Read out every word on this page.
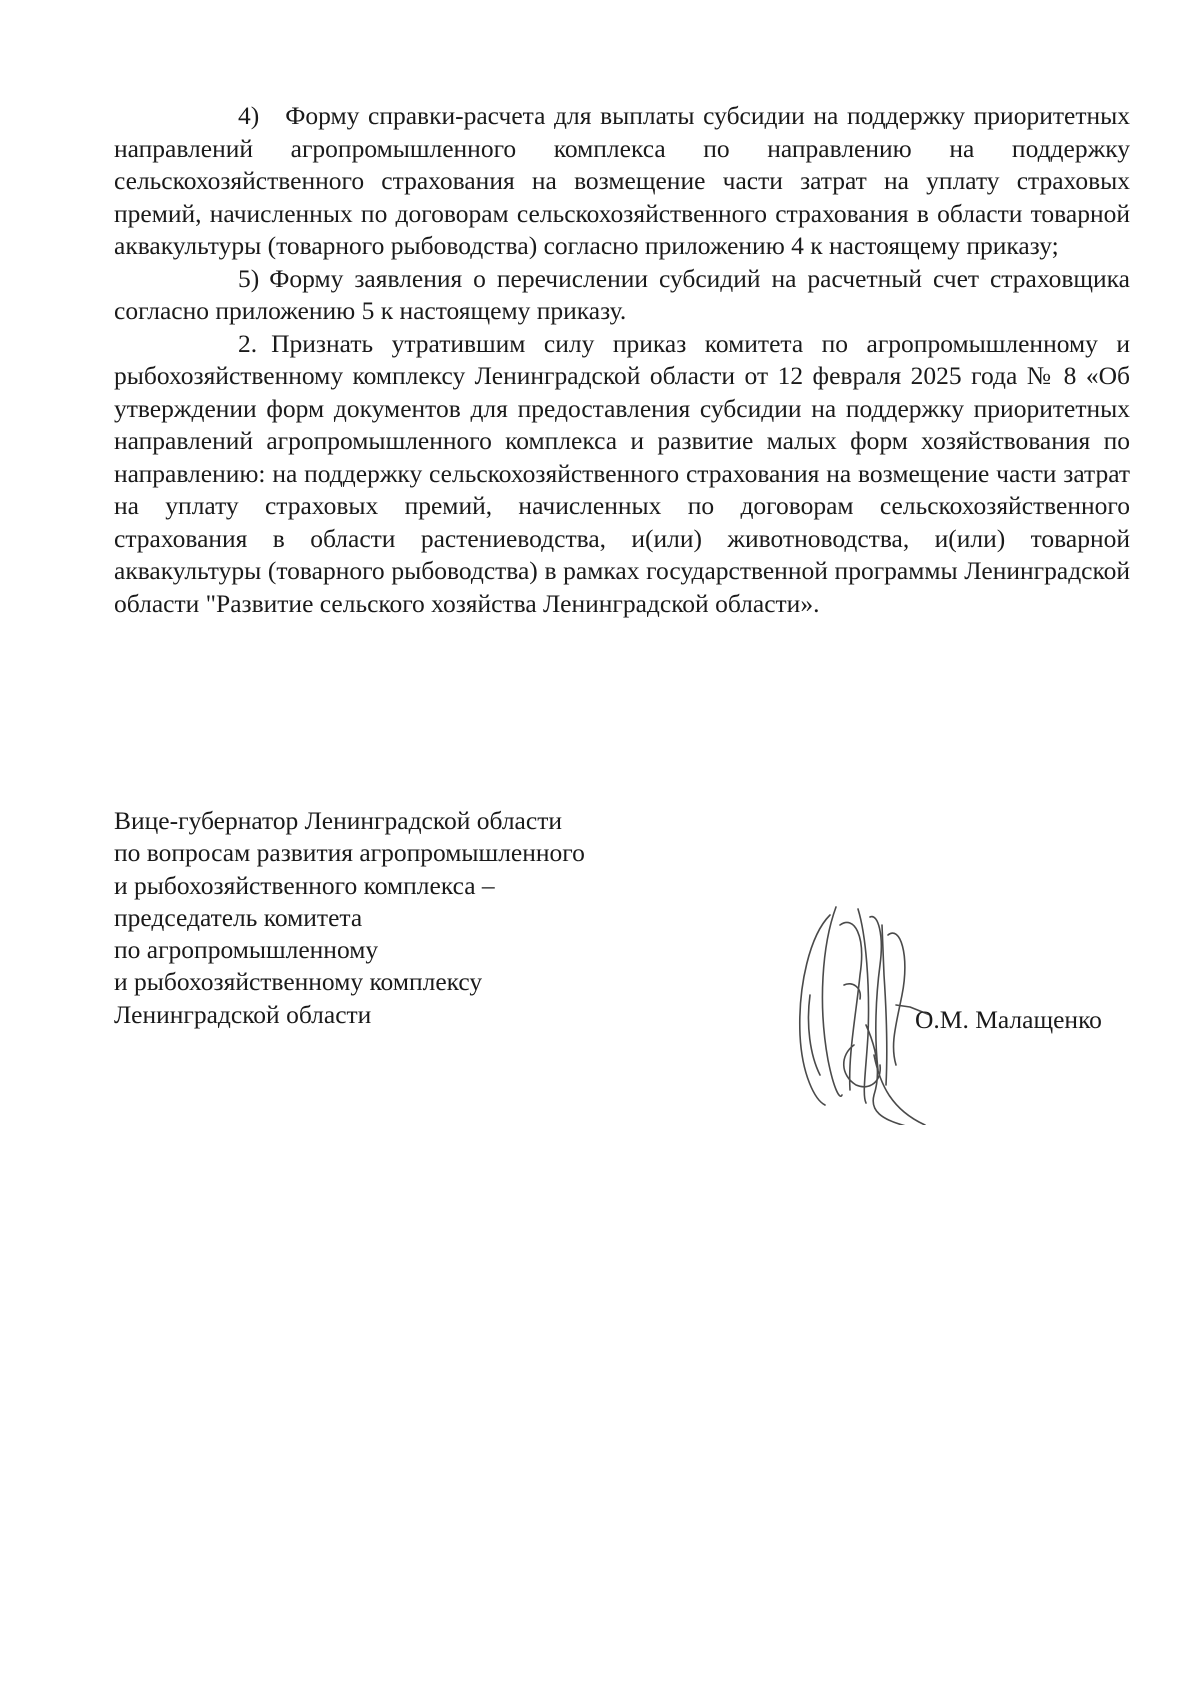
4) Форму справки-расчета для выплаты субсидии на поддержку приоритетных направлений агропромышленного комплекса по направлению на поддержку сельскохозяйственного страхования на возмещение части затрат на уплату страховых премий, начисленных по договорам сельскохозяйственного страхования в области товарной аквакультуры (товарного рыбоводства) согласно приложению 4 к настоящему приказу;

5) Форму заявления о перечислении субсидий на расчетный счет страховщика согласно приложению 5 к настоящему приказу.

2. Признать утратившим силу приказ комитета по агропромышленному и рыбохозяйственному комплексу Ленинградской области от 12 февраля 2025 года № 8 «Об утверждении форм документов для предоставления субсидии на поддержку приоритетных направлений агропромышленного комплекса и развитие малых форм хозяйствования по направлению: на поддержку сельскохозяйственного страхования на возмещение части затрат на уплату страховых премий, начисленных по договорам сельскохозяйственного страхования в области растениеводства, и(или) животноводства, и(или) товарной аквакультуры (товарного рыбоводства) в рамках государственной программы Ленинградской области "Развитие сельского хозяйства Ленинградской области».

Вице-губернатор Ленинградской области
по вопросам развития агропромышленного
и рыбохозяйственного комплекса –
председатель комитета
по агропромышленному
и рыбохозяйственному комплексу
Ленинградской области	О.М. Малащенко
